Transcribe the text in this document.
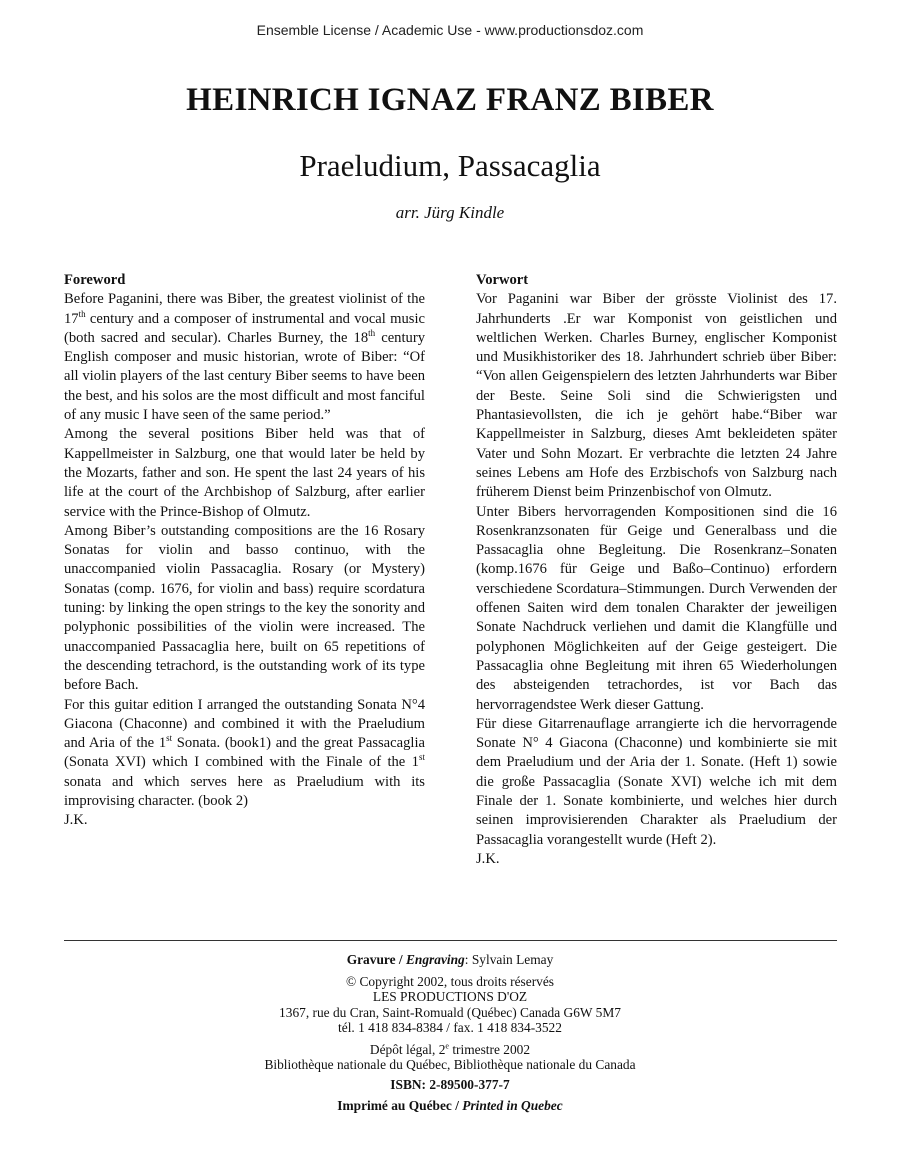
Ensemble License / Academic Use - www.productionsdoz.com
HEINRICH IGNAZ FRANZ BIBER
Praeludium, Passacaglia
arr. Jürg Kindle
Foreword

Before Paganini, there was Biber, the greatest violinist of the 17th century and a composer of instrumental and vocal music (both sacred and secular). Charles Burney, the 18th century English composer and music historian, wrote of Biber: “Of all violin players of the last century Biber seems to have been the best, and his solos are the most difficult and most fanciful of any music I have seen of the same period.”

Among the several positions Biber held was that of Kappellmeister in Salzburg, one that would later be held by the Mozarts, father and son. He spent the last 24 years of his life at the court of the Archbishop of Salzburg, after earlier service with the Prince-Bishop of Olmutz.

Among Biber’s outstanding compositions are the 16 Rosary Sonatas for violin and basso continuo, with the unaccompanied violin Passacaglia. Rosary (or Mystery) Sonatas (comp. 1676, for violin and bass) require scordatura tuning: by linking the open strings to the key the sonority and polyphonic possibilities of the violin were increased. The unaccompanied Passacaglia here, built on 65 repetitions of the descending tetrachord, is the outstanding work of its type before Bach.

For this guitar edition I arranged the outstanding Sonata N°4 Giacona (Chaconne) and combined it with the Praeludium and Aria of the 1st Sonata. (book1) and the great Passacaglia (Sonata XVI) which I combined with the Finale of the 1st sonata and which serves here as Praeludium with its improvising character. (book 2)

J.K.

Vorwort

Vor Paganini war Biber der grösste Violinist des 17. Jahrhunderts .Er war Komponist von geistlichen und weltlichen Werken. Charles Burney, englischer Komponist und Musikhistoriker des 18. Jahrhundert schrieb über Biber: “Von allen Geigenspielern des letzten Jahrhunderts war Biber der Beste. Seine Soli sind die Schwierigsten und Phantasievollsten, die ich je gehört habe.“Biber war Kappellmeister in Salzburg, dieses Amt bekleideten später Vater und Sohn Mozart. Er verbrachte die letzten 24 Jahre seines Lebens am Hofe des Erzbischofs von Salzburg nach früherem Dienst beim Prinzenbischof von Olmutz.

Unter Bibers hervorragenden Kompositionen sind die 16 Rosenkranzsonaten für Geige und Generalbass und die Passacaglia ohne Begleitung. Die Rosenkranz–Sonaten (komp.1676 für Geige und Baßo–Continuo) erfordern verschiedene Scordatura–Stimmungen. Durch Verwenden der offenen Saiten wird dem tonalen Charakter der jeweiligen Sonate Nachdruck verliehen und damit die Klangfülle und polyphonen Möglichkeiten auf der Geige gesteigert. Die Passacaglia ohne Begleitung mit ihren 65 Wiederholungen des absteigenden tetrachordes, ist vor Bach das hervorragendstee Werk dieser Gattung.

Für diese Gitarrenauflage arrangierte ich die hervorragende Sonate N° 4 Giacona (Chaconne) und kombinierte sie mit dem Praeludium und der Aria der 1. Sonate. (Heft 1) sowie die große Passacaglia (Sonate XVI) welche ich mit dem Finale der 1. Sonate kombinierte, und welches hier durch seinen improvisierenden Charakter als Praeludium der Passacaglia vorangestellt wurde (Heft 2).

J.K.

Gravure / Engraving: Sylvain Lemay
© Copyright 2002, tous droits réservés
LES PRODUCTIONS D'OZ
1367, rue du Cran, Saint-Romuald (Québec) Canada G6W 5M7
tél. 1 418 834-8384 / fax. 1 418 834-3522
Dépôt légal, 2e trimestre 2002
Bibliothèque nationale du Québec, Bibliothèque nationale du Canada
ISBN: 2-89500-377-7
Imprimé au Québec / Printed in Quebec
